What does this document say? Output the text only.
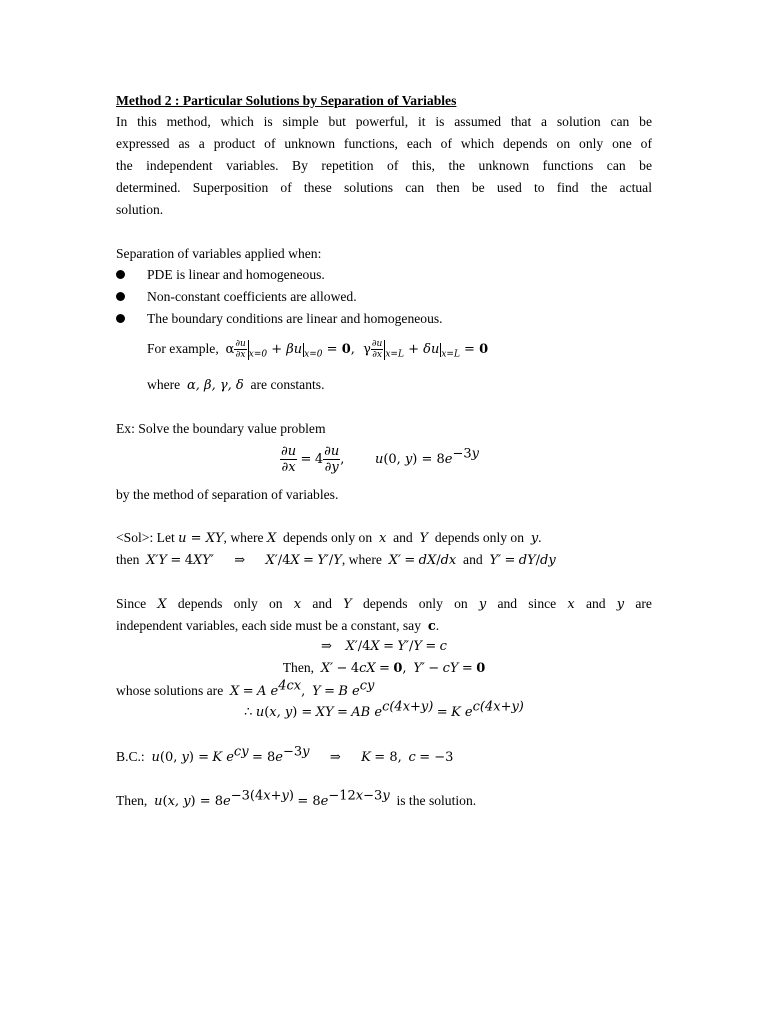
Method 2 : Particular Solutions by Separation of Variables
In this method, which is simple but powerful, it is assumed that a solution can be
expressed as a product of unknown functions, each of which depends on only one of
the independent variables. By repetition of this, the unknown functions can be
determined. Superposition of these solutions can then be used to find the actual
solution.
Separation of variables applied when:
PDE is linear and homogeneous.
Non-constant coefficients are allowed.
The boundary conditions are linear and homogeneous.
For example, α $\frac{\partial u}{\partial x} _{x=0} + \beta u$ $_{x=0}$ = 0,  γ $\frac{\partial u}{\partial x} _{x=L} + \delta u$ $_{x=L}$ = 0
where α, β, γ, δ are constants.
Ex: Solve the boundary value problem
$\frac{\partial u}{\partial x} = 4 \frac{\partial u}{\partial y}$ , u(0, $y) = 8e^{-3y}$
by the method of separation of variables.
<Sol>: Let u = XY, where X depends only on x and Y depends only on y.
then X′Y = 4XY′ ⇒ X′/4X = Y′/Y, where  X′ = dX/dx  and  Y′ = dY/dy
Since X depends only on x and Y depends only on y and since x and y are
independent variables, each side must be a constant, say c.
⇒ X′/4X = Y′/Y = c
Then, X′ − 4cX = 0, Y′ − cY = 0
whose solutions are X = A $e^{4cx}$, Y = B $e^{cy}$
∴ u(x, y) = XY = AB $e^{c(4x+y)} = K$ $e^{c(4x+y)}$
B.C.: u(0, y) = K $e^{cy} = 8e^{-3y}$ ⇒ K = 8, c = −3
Then, u(x, $y) = 8e^{-3(4x+y)} = 8e^{-12x-3y}$ is the solution.
